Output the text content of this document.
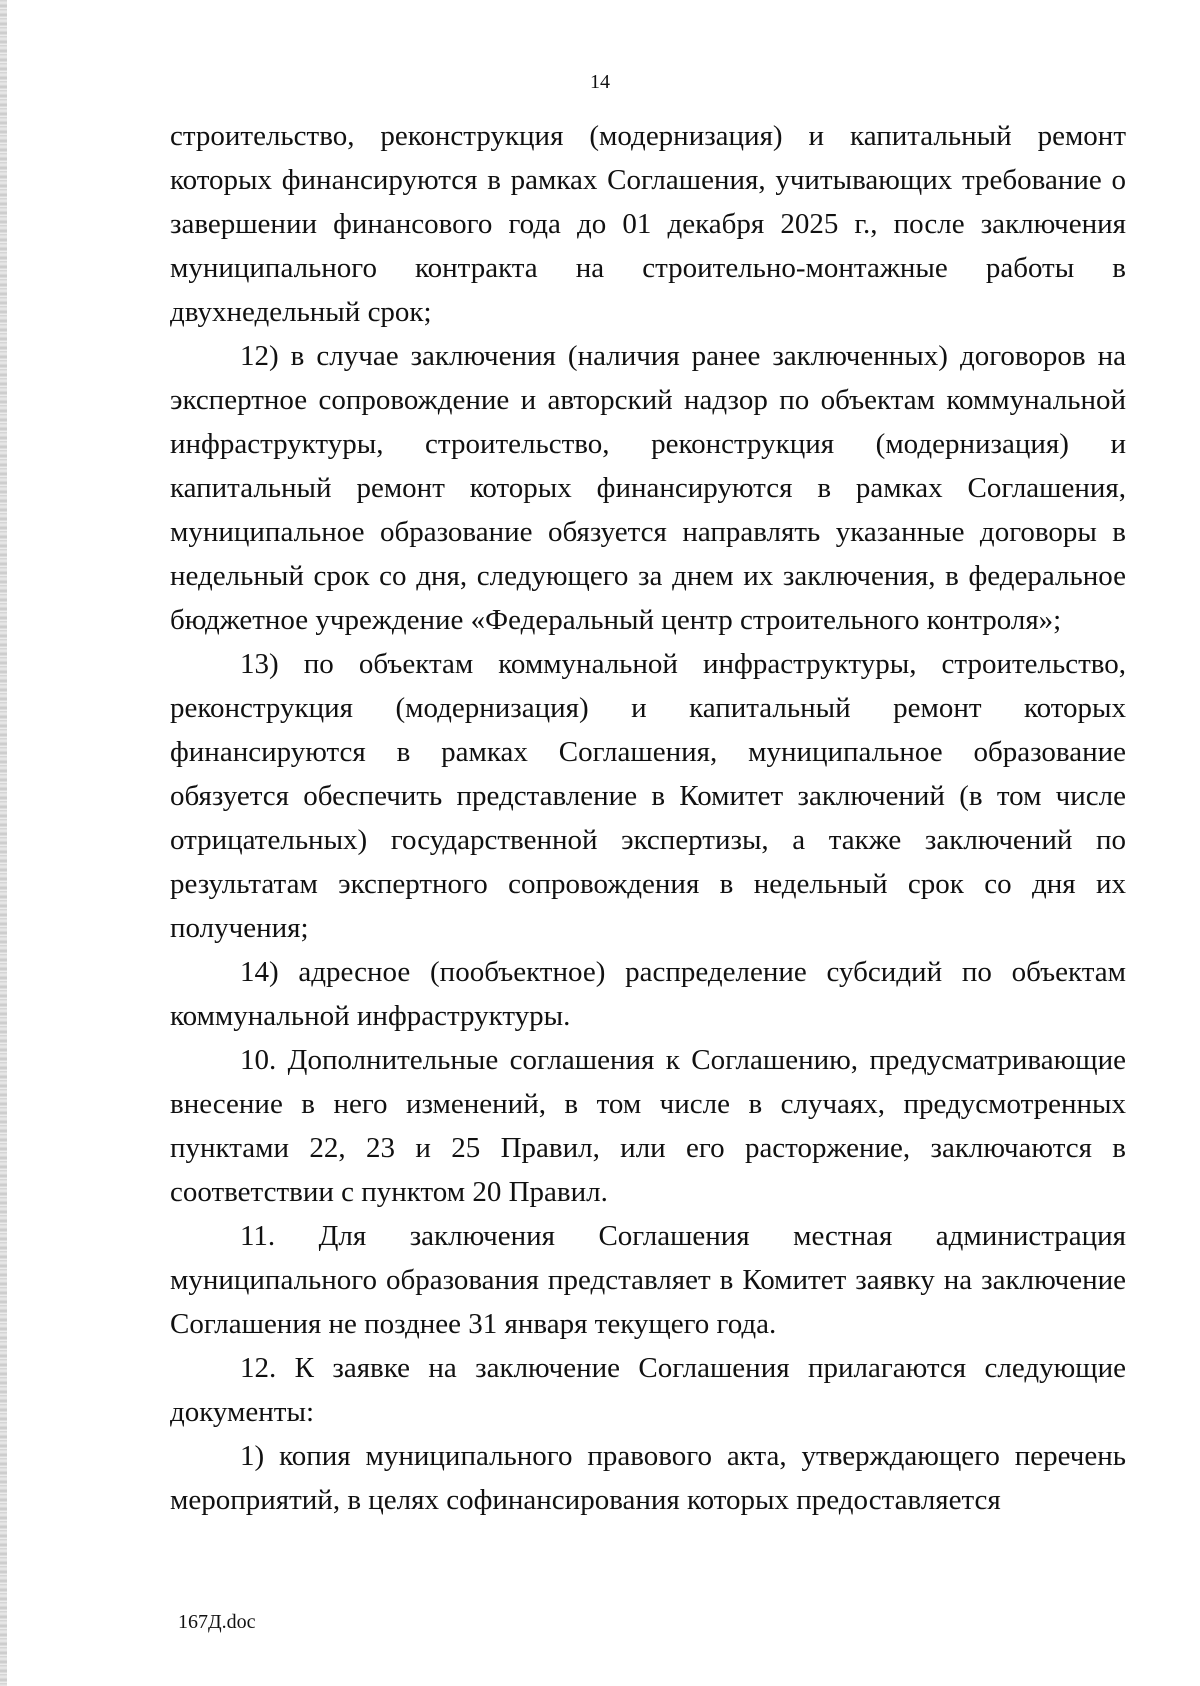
14

строительство, реконструкция (модернизация) и капитальный ремонт которых финансируются в рамках Соглашения, учитывающих требование о завершении финансового года до 01 декабря 2025 г., после заключения муниципального контракта на строительно-монтажные работы в двухнедельный срок;

12) в случае заключения (наличия ранее заключенных) договоров на экспертное сопровождение и авторский надзор по объектам коммунальной инфраструктуры, строительство, реконструкция (модернизация) и капитальный ремонт которых финансируются в рамках Соглашения, муниципальное образование обязуется направлять указанные договоры в недельный срок со дня, следующего за днем их заключения, в федеральное бюджетное учреждение «Федеральный центр строительного контроля»;

13) по объектам коммунальной инфраструктуры, строительство, реконструкция (модернизация) и капитальный ремонт которых финансируются в рамках Соглашения, муниципальное образование обязуется обеспечить представление в Комитет заключений (в том числе отрицательных) государственной экспертизы, а также заключений по результатам экспертного сопровождения в недельный срок со дня их получения;

14) адресное (пообъектное) распределение субсидий по объектам коммунальной инфраструктуры.

10. Дополнительные соглашения к Соглашению, предусматривающие внесение в него изменений, в том числе в случаях, предусмотренных пунктами 22, 23 и 25 Правил, или его расторжение, заключаются в соответствии с пунктом 20 Правил.

11. Для заключения Соглашения местная администрация муниципального образования представляет в Комитет заявку на заключение Соглашения не позднее 31 января текущего года.

12. К заявке на заключение Соглашения прилагаются следующие документы:

1) копия муниципального правового акта, утверждающего перечень мероприятий, в целях софинансирования которых предоставляется

167Д.doc
